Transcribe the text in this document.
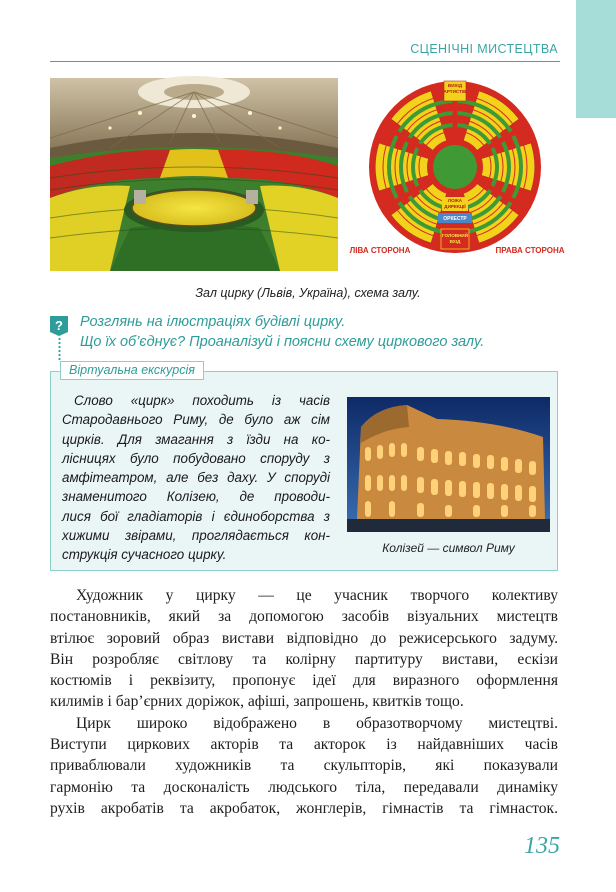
СЦЕНІЧНІ МИСТЕЦТВА
ВИХІД
АРТИСТІВ
ЛОЖА
ДИРЕКЦІЇ
ОРКЕСТР
ГОЛОВНИЙ
ВХІД
ЛІВА СТОРОНА	ПРАВА СТОРОНА
Зал цирку (Львів, Україна), схема залу.
? Розглянь на ілюстраціях будівлі цирку.
Що їх об’єднує? Проаналізуй і поясни схему циркового залу.
Віртуальна екскурсія
Слово «цирк» походить із часів
Стародавнього Риму, де було аж сім
цирків. Для змагання з їзди на ко-
лісницях було побудовано споруду з
амфітеатром, але без даху. У споруді
знаменитого Колізею, де проводи-
лися бої гладіаторів і єдиноборства з
хижими звірами, проглядається кон-
струкція сучасного цирку.	Колізей — символ Риму
Художник у цирку — це учасник творчого колективу
постановників, який за допомогою засобів візуальних мистецтв
втілює зоровий образ вистави відповідно до режисерського задуму.
Він розробляє світлову та колірну партитуру вистави, ескізи
костюмів і реквізиту, пропонує ідеї для виразного оформлення
килимів і бар’єрних доріжок, афіші, запрошень, квитків тощо.
Цирк широко відображено в образотворчому мистецтві.
Виступи циркових акторів та акторок із найдавніших часів
приваблювали художників та скульпторів, які показували
гармонію та досконалість людського тіла, передавали динаміку
рухів акробатів та акробаток, жонглерів, гімнастів та гімнасток.
135
